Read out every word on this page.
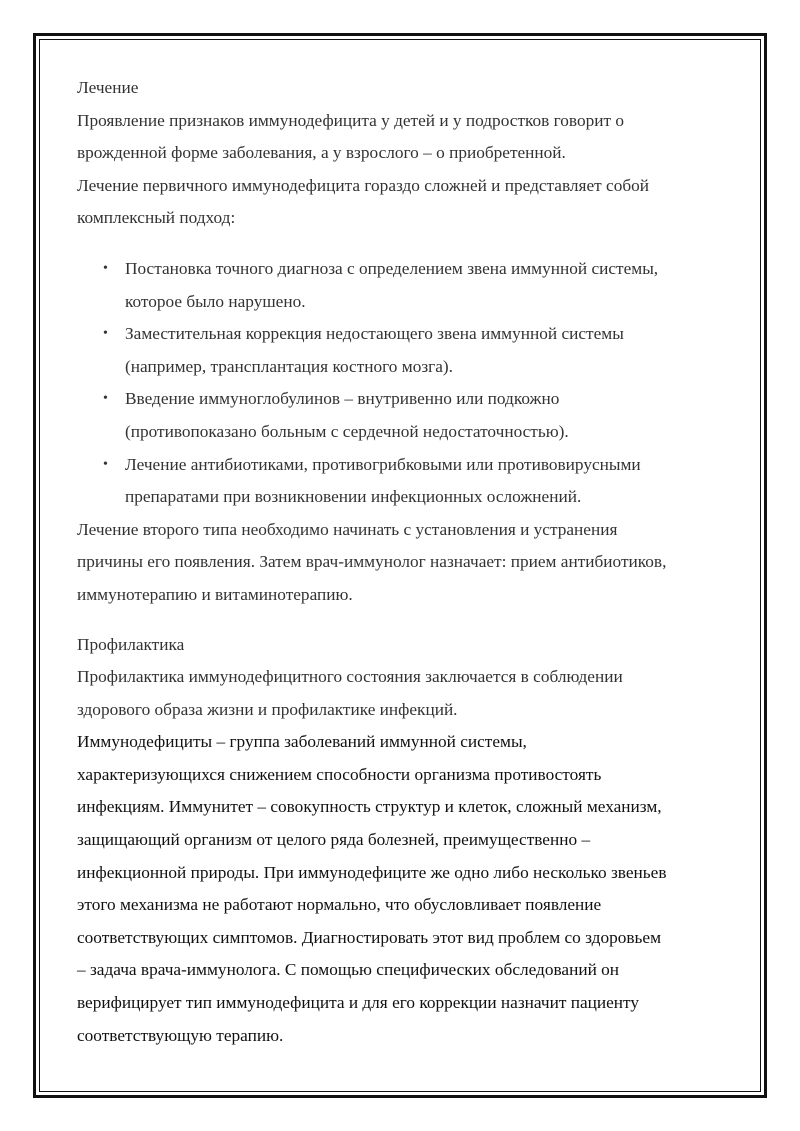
Лечение
Проявление признаков иммунодефицита у детей и у подростков говорит о
врожденной форме заболевания, а у взрослого – о приобретенной.
Лечение первичного иммунодефицита гораздо сложней и представляет собой
комплексный подход:
• Постановка точного диагноза с определением звена иммунной системы,
которое было нарушено.
• Заместительная коррекция недостающего звена иммунной системы
(например, трансплантация костного мозга).
• Введение иммуноглобулинов – внутривенно или подкожно
(противопоказано больным с сердечной недостаточностью).
• Лечение антибиотиками, противогрибковыми или противовирусными
препаратами при возникновении инфекционных осложнений.
Лечение второго типа необходимо начинать с установления и устранения
причины его появления. Затем врач-иммунолог назначает: прием антибиотиков,
иммунотерапию и витаминотерапию.
Профилактика
Профилактика иммунодефицитного состояния заключается в соблюдении
здорового образа жизни и профилактике инфекций.
Иммунодефициты – группа заболеваний иммунной системы,
характеризующихся снижением способности организма противостоять
инфекциям. Иммунитет – совокупность структур и клеток, сложный механизм,
защищающий организм от целого ряда болезней, преимущественно –
инфекционной природы. При иммунодефиците же одно либо несколько звеньев
этого механизма не работают нормально, что обусловливает появление
соответствующих симптомов. Диагностировать этот вид проблем со здоровьем
– задача врача-иммунолога. С помощью специфических обследований он
верифицирует тип иммунодефицита и для его коррекции назначит пациенту
соответствующую терапию.
